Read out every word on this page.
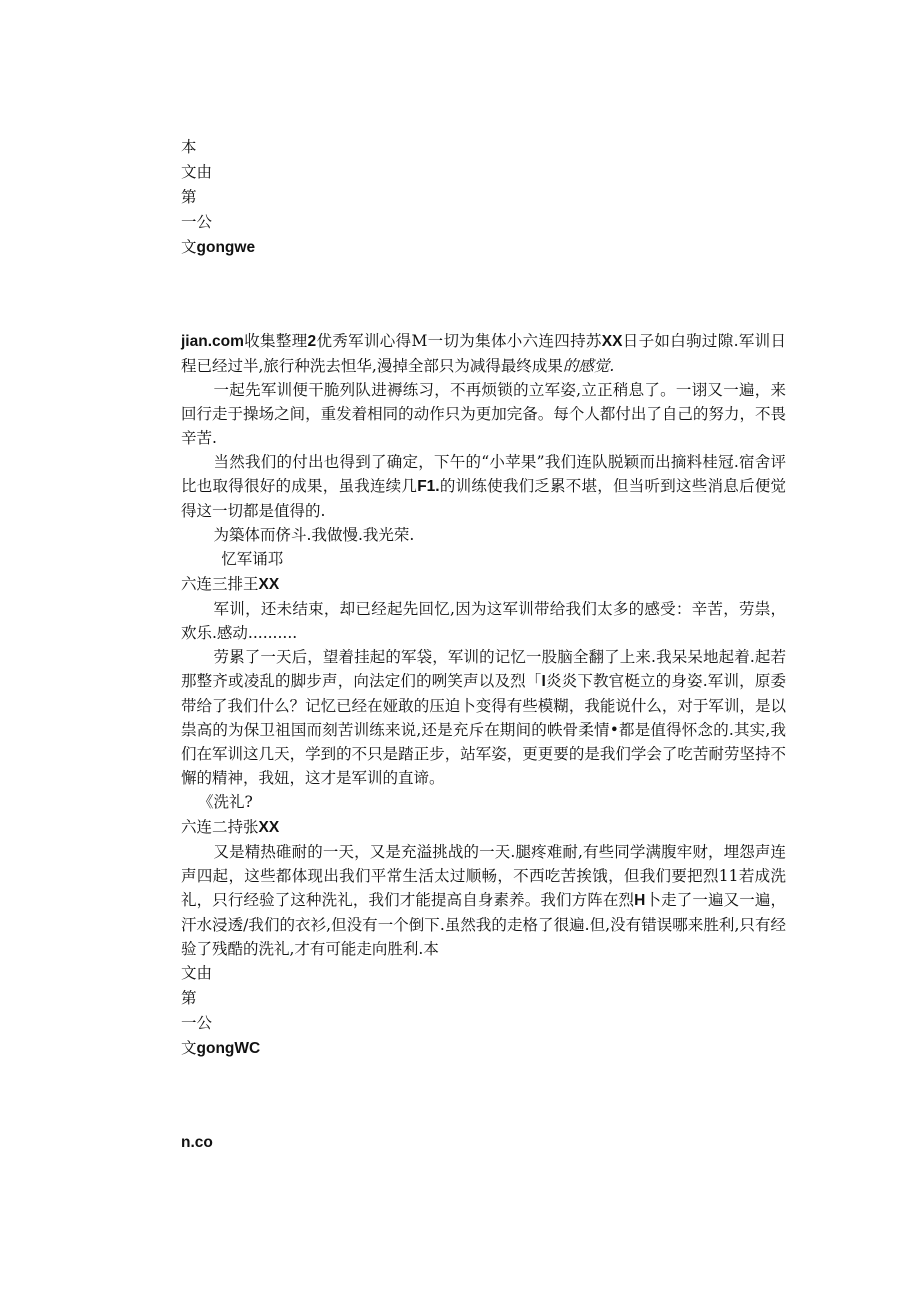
本
文由
第
一公
文gongwe

jian.com收集整理2优秀军训心得M一切为集体小六连四持苏XX日子如白驹过隙.军训日程已经过半,旅行种洗去怛华,漫掉全部只为减得最终成果的感觉.

一起先军训便干脆列队进褥练习，不再烦锁的立军姿,立正稍息了。一诩又一遍，来回行走于操场之间，重发着相同的动作只为更加完备。每个人都付出了自己的努力，不畏辛苦.

当然我们的付出也得到了确定，下午的“小苹果”我们连队脱颖而出摘料桂冠.宿舍评比也取得很好的成果，虽我连续几F1.的训练使我们乏累不堪，但当听到这些消息后便觉得这一切都是值得的.

为築体而侪斗.我做慢.我光荣.

忆军诵邛
六连三排王XX

军训，还未结束，却已经起先回忆,因为这军训带给我们太多的感受：辛苦，劳祟，欢乐.感动..........

劳累了一天后，望着挂起的军袋，军训的记忆一股脑全翻了上来.我呆呆地起着.起若那整齐或凌乱的脚步声，向法定们的咧笑声以及烈「I炎炎下教官梃立的身姿.军训，原委带给了我们什么？记忆已经在娅敢的压迫卜变得有些模糊，我能说什么，对于军训，是以祟高的为保卫祖国而刻苦训练来说,还是充斥在期间的帙骨柔情•都是值得怀念的.其实,我们在军训这几天，学到的不只是踏正步，站军姿，更更要的是我们学会了吃苦耐劳坚持不懈的精神，我妞，这才是军训的直谛。

《洗礼?
六连二持张XX

又是精热碓耐的一天，又是充溢挑战的一天.腿疼难耐,有些同学满腹牢财，埋怨声连声四起，这些都体现出我们平常生活太过顺畅，不西吃苦挨饿，但我们要把烈11若成洗礼，只行经验了这种洗礼，我们才能提高自身素养。我们方阵在烈H卜走了一遍又一遍，汗水浸透/我们的衣衫,但没有一个倒下.虽然我的走格了很遍.但,没有错误哪来胜利,只有经验了残酷的洗礼,才有可能走向胜利.本

文由
第
一公
文gongWC
n.co
